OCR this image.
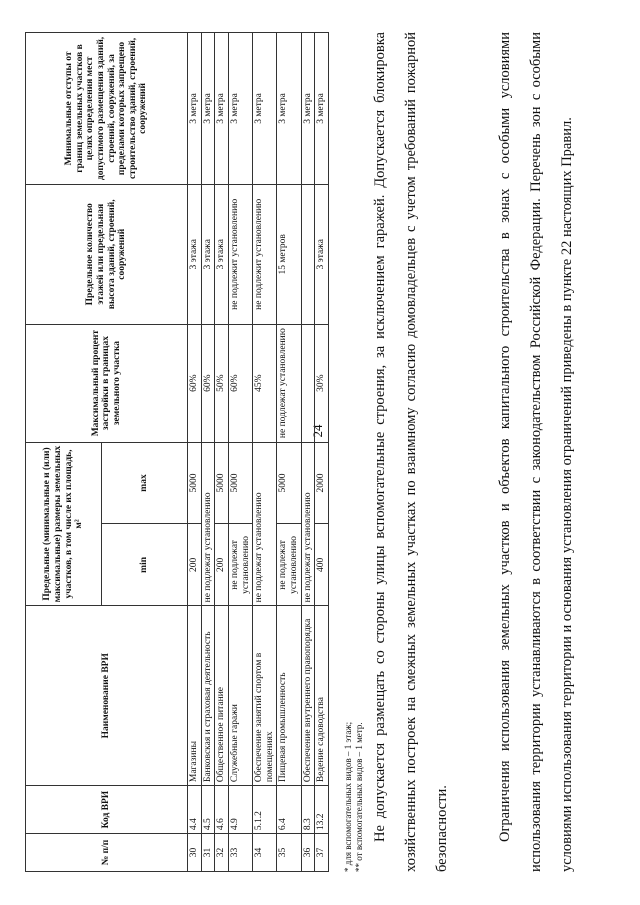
24
№ п/п	Код ВРИ	Наименование ВРИ	Предельные (минимальные и (или) максимальные) размеры земельных участков, в том числе их площадь, м²		Максимальный процент застройки в границах земельного участка	Предельное количество этажей или предельная высота зданий, строений, сооружений	Минимальные отступы от границ земельных участков в целях определения мест допустимого размещения зданий, строений, сооружений, за пределами которых запрещено строительство зданий, строений, сооружений
			min	max			
30	4.4	Магазины	200	5000	60%	3 этажа	3 метра
31	4.5	Банковская и страховая деятельность	не подлежат установлению		60%	3 этажа	3 метра
32	4.6	Общественное питание	200	5000	50%	3 этажа	3 метра
33	4.9	Служебные гаражи	не подлежат установлению	5000	60%	не подлежит установлению	3 метра
34	5.1.2	Обеспечение занятий спортом в помещениях	не подлежат установлению		45%	не подлежит установлению	3 метра
35	6.4	Пищевая промышленность	не подлежат установлению	5000	не подлежат установлению	15 метров	3 метра
36	8.3	Обеспечение внутреннего правопорядка	не подлежат установлению				3 метра
37	13.2	Ведение садоводства	400	2000	30%	3 этажа	3 метра
* для вспомогательных видов – 1 этаж; ** от вспомогательных видов – 1 метр. Не допускается размещать со стороны улицы вспомогательные строения, за исключением гаражей. Допускается блокировка хозяйственных построек на смежных земельных участках по взаимному согласию домовладельцев с учетом требований пожарной безопасности.	Ограничения использования земельных участков и объектов капитального строительства в зонах с особыми условиями использования территории устанавливаются в соответствии с законодательством Российской Федерации. Перечень зон с особыми условиями использования территории и основания установления ограничений приведены в пункте 22 настоящих Правил.
